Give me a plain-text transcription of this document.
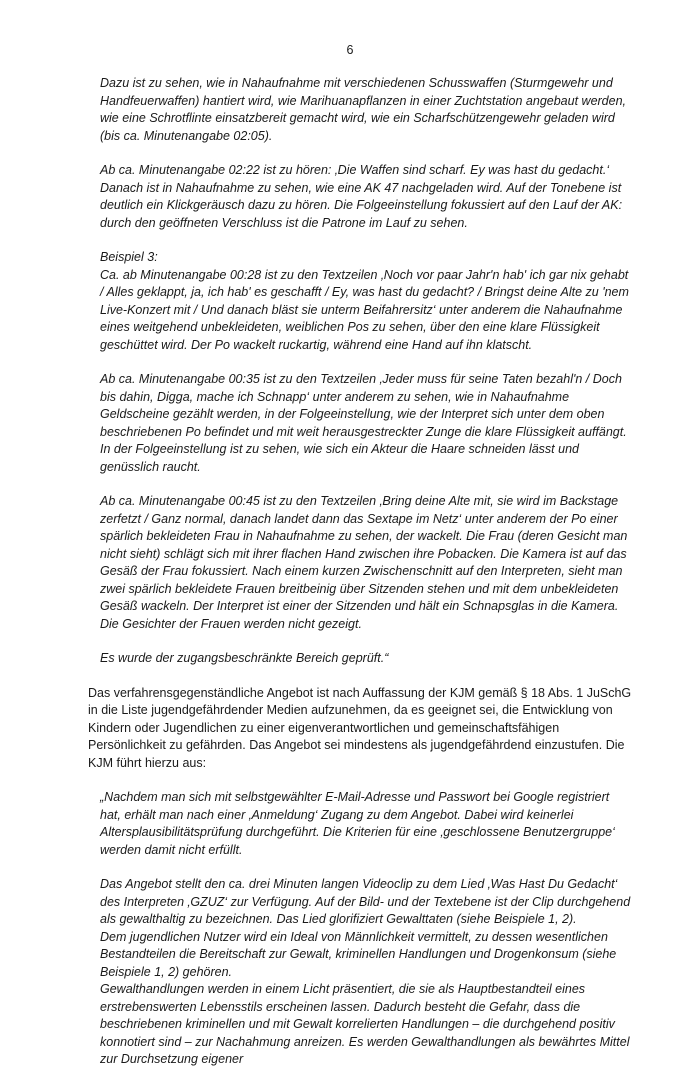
6

Dazu ist zu sehen, wie in Nahaufnahme mit verschiedenen Schusswaffen (Sturmgewehr und Handfeuerwaffen) hantiert wird, wie Marihuanapflanzen in einer Zuchtstation angebaut werden, wie eine Schrotflinte einsatzbereit gemacht wird, wie ein Scharfschützengewehr geladen wird (bis ca. Minutenangabe 02:05).

Ab ca. Minutenangabe 02:22 ist zu hören: ‚Die Waffen sind scharf. Ey was hast du gedacht.‘ Danach ist in Nahaufnahme zu sehen, wie eine AK 47 nachgeladen wird. Auf der Tonebene ist deutlich ein Klickgeräusch dazu zu hören. Die Folgeeinstellung fokussiert auf den Lauf der AK: durch den geöffneten Verschluss ist die Patrone im Lauf zu sehen.

Beispiel 3:

Ca. ab Minutenangabe 00:28 ist zu den Textzeilen ‚Noch vor paar Jahr'n hab' ich gar nix gehabt / Alles geklappt, ja, ich hab' es geschafft / Ey, was hast du gedacht? / Bringst deine Alte zu 'nem Live-Konzert mit / Und danach bläst sie unterm Beifahrersitz‘ unter anderem die Nahaufnahme eines weitgehend unbekleideten, weiblichen Pos zu sehen, über den eine klare Flüssigkeit geschüttet wird. Der Po wackelt ruckartig, während eine Hand auf ihn klatscht.

Ab ca. Minutenangabe 00:35 ist zu den Textzeilen ‚Jeder muss für seine Taten bezahl'n / Doch bis dahin, Digga, mache ich Schnapp‘ unter anderem zu sehen, wie in Nahaufnahme Geldscheine gezählt werden, in der Folgeeinstellung, wie der Interpret sich unter dem oben beschriebenen Po befindet und mit weit herausgestreckter Zunge die klare Flüssigkeit auffängt. In der Folgeeinstellung ist zu sehen, wie sich ein Akteur die Haare schneiden lässt und genüsslich raucht.

Ab ca. Minutenangabe 00:45 ist zu den Textzeilen ‚Bring deine Alte mit, sie wird im Backstage zerfetzt / Ganz normal, danach landet dann das Sextape im Netz‘ unter anderem der Po einer spärlich bekleideten Frau in Nahaufnahme zu sehen, der wackelt. Die Frau (deren Gesicht man nicht sieht) schlägt sich mit ihrer flachen Hand zwischen ihre Pobacken. Die Kamera ist auf das Gesäß der Frau fokussiert. Nach einem kurzen Zwischenschnitt auf den Interpreten, sieht man zwei spärlich bekleidete Frauen breitbeinig über Sitzenden stehen und mit dem unbekleideten Gesäß wackeln. Der Interpret ist einer der Sitzenden und hält ein Schnapsglas in die Kamera. Die Gesichter der Frauen werden nicht gezeigt.

Es wurde der zugangsbeschränkte Bereich geprüft.“

Das verfahrensgegenständliche Angebot ist nach Auffassung der KJM gemäß § 18 Abs. 1 JuSchG in die Liste jugendgefährdender Medien aufzunehmen, da es geeignet sei, die Entwicklung von Kindern oder Jugendlichen zu einer eigenverantwortlichen und gemeinschaftsfähigen Persönlichkeit zu gefährden. Das Angebot sei mindestens als jugendgefährdend einzustufen. Die KJM führt hierzu aus:

„Nachdem man sich mit selbstgewählter E-Mail-Adresse und Passwort bei Google registriert hat, erhält man nach einer ‚Anmeldung‘ Zugang zu dem Angebot. Dabei wird keinerlei Altersplausibilitätsprüfung durchgeführt. Die Kriterien für eine ‚geschlossene Benutzergruppe‘ werden damit nicht erfüllt.

Das Angebot stellt den ca. drei Minuten langen Videoclip zu dem Lied ‚Was Hast Du Gedacht‘ des Interpreten ‚GZUZ‘ zur Verfügung. Auf der Bild- und der Textebene ist der Clip durchgehend als gewalthaltig zu bezeichnen. Das Lied glorifiziert Gewalttaten (siehe Beispiele 1, 2).

Dem jugendlichen Nutzer wird ein Ideal von Männlichkeit vermittelt, zu dessen wesentlichen Bestandteilen die Bereitschaft zur Gewalt, kriminellen Handlungen und Drogenkonsum (siehe Beispiele 1, 2) gehören.

Gewalthandlungen werden in einem Licht präsentiert, die sie als Hauptbestandteil eines erstrebenswerten Lebensstils erscheinen lassen. Dadurch besteht die Gefahr, dass die beschriebenen kriminellen und mit Gewalt korrelierten Handlungen – die durchgehend positiv konnotiert sind – zur Nachahmung anreizen. Es werden Gewalthandlungen als bewährtes Mittel zur Durchsetzung eigener
